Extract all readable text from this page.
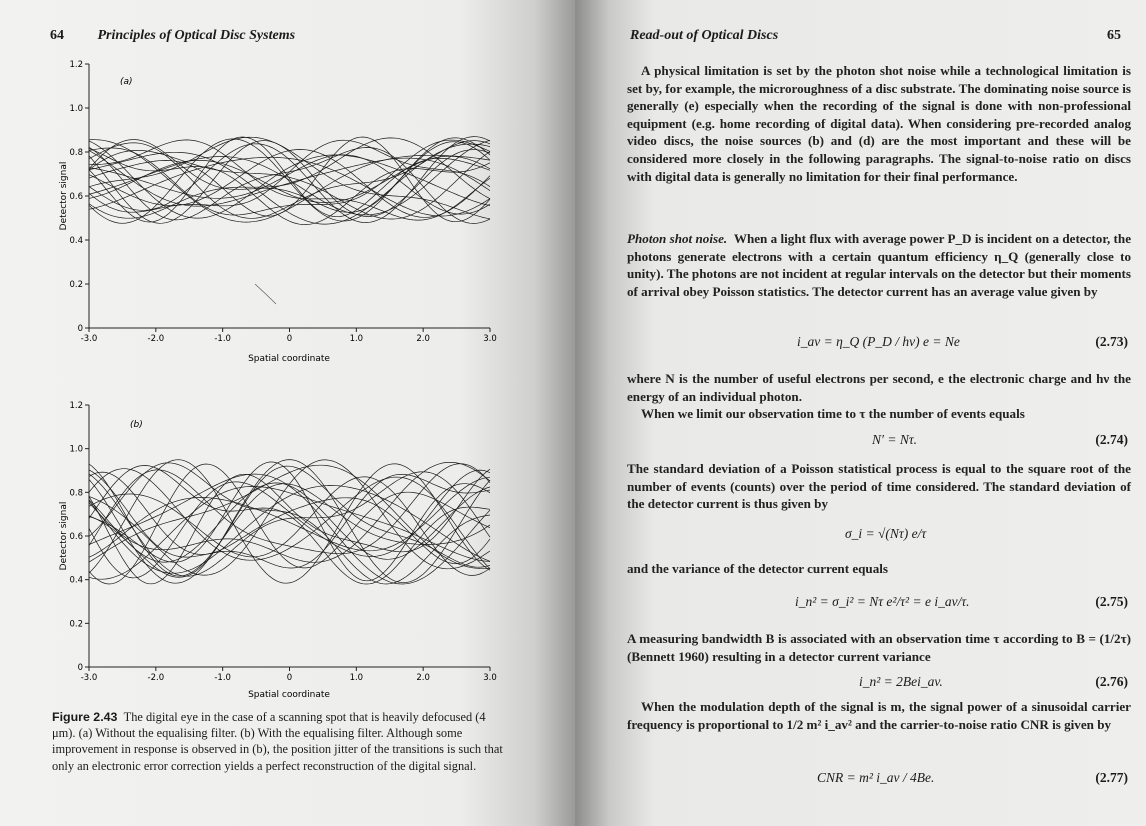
64 Principles of Optical Disc Systems
(a)
0
0.2
0.4
0.6
0.8
1.0
1.2
-3.0	-2.0	-1.0	0	1.0	2.0	3.0
Detector signal
Spatial coordinate
(b)
0
0.2
0.4
0.6
0.8
1.0
1.2
-3.0	-2.0	-1.0	0	1.0	2.0	3.0
Detector signal
Spatial coordinate
Figure 2.43 The digital eye in the case of a scanning spot that is heavily defocused (4 μm). (a) Without the equalising filter. (b) With the equalising filter. Although some improvement in response is observed in (b), the position jitter of the transitions is such that only an electronic error correction yields a perfect reconstruction of the digital signal.
Read-out of Optical Discs	65

A physical limitation is set by the photon shot noise while a technological limitation is set by, for example, the microroughness of a disc substrate. The dominating noise source is generally (e) especially when the recording of the signal is done with non-professional equipment (e.g. home recording of digital data). When considering pre-recorded analog video discs, the noise sources (b) and (d) are the most important and these will be considered more closely in the following paragraphs. The signal-to-noise ratio on discs with digital data is generally no limitation for their final performance.

Photon shot noise. When a light flux with average power P_D is incident on a detector, the photons generate electrons with a certain quantum efficiency η_Q (generally close to unity). The photons are not incident at regular intervals on the detector but their moments of arrival obey Poisson statistics. The detector current has an average value given by

i_av = η_Q (P_D / hν) e = Ne	(2.73)

where N is the number of useful electrons per second, e the electronic charge and hν the energy of an individual photon.

When we limit our observation time to τ the number of events equals

N′ = Nτ.	(2.74)

The standard deviation of a Poisson statistical process is equal to the square root of the number of events (counts) over the period of time considered. The standard deviation of the detector current is thus given by

σ_i = √(Nτ) e/τ

and the variance of the detector current equals

i_n² = σ_i² = Nτ e²/τ² = e i_av/τ.	(2.75)

A measuring bandwidth B is associated with an observation time τ according to B = (1/2τ) (Bennett 1960) resulting in a detector current variance

i_n² = 2Bei_av.	(2.76)

When the modulation depth of the signal is m, the signal power of a sinusoidal carrier frequency is proportional to 1/2 m² i_av² and the carrier-to-noise ratio CNR is given by

CNR = m² i_av / 4Be.	(2.77)
